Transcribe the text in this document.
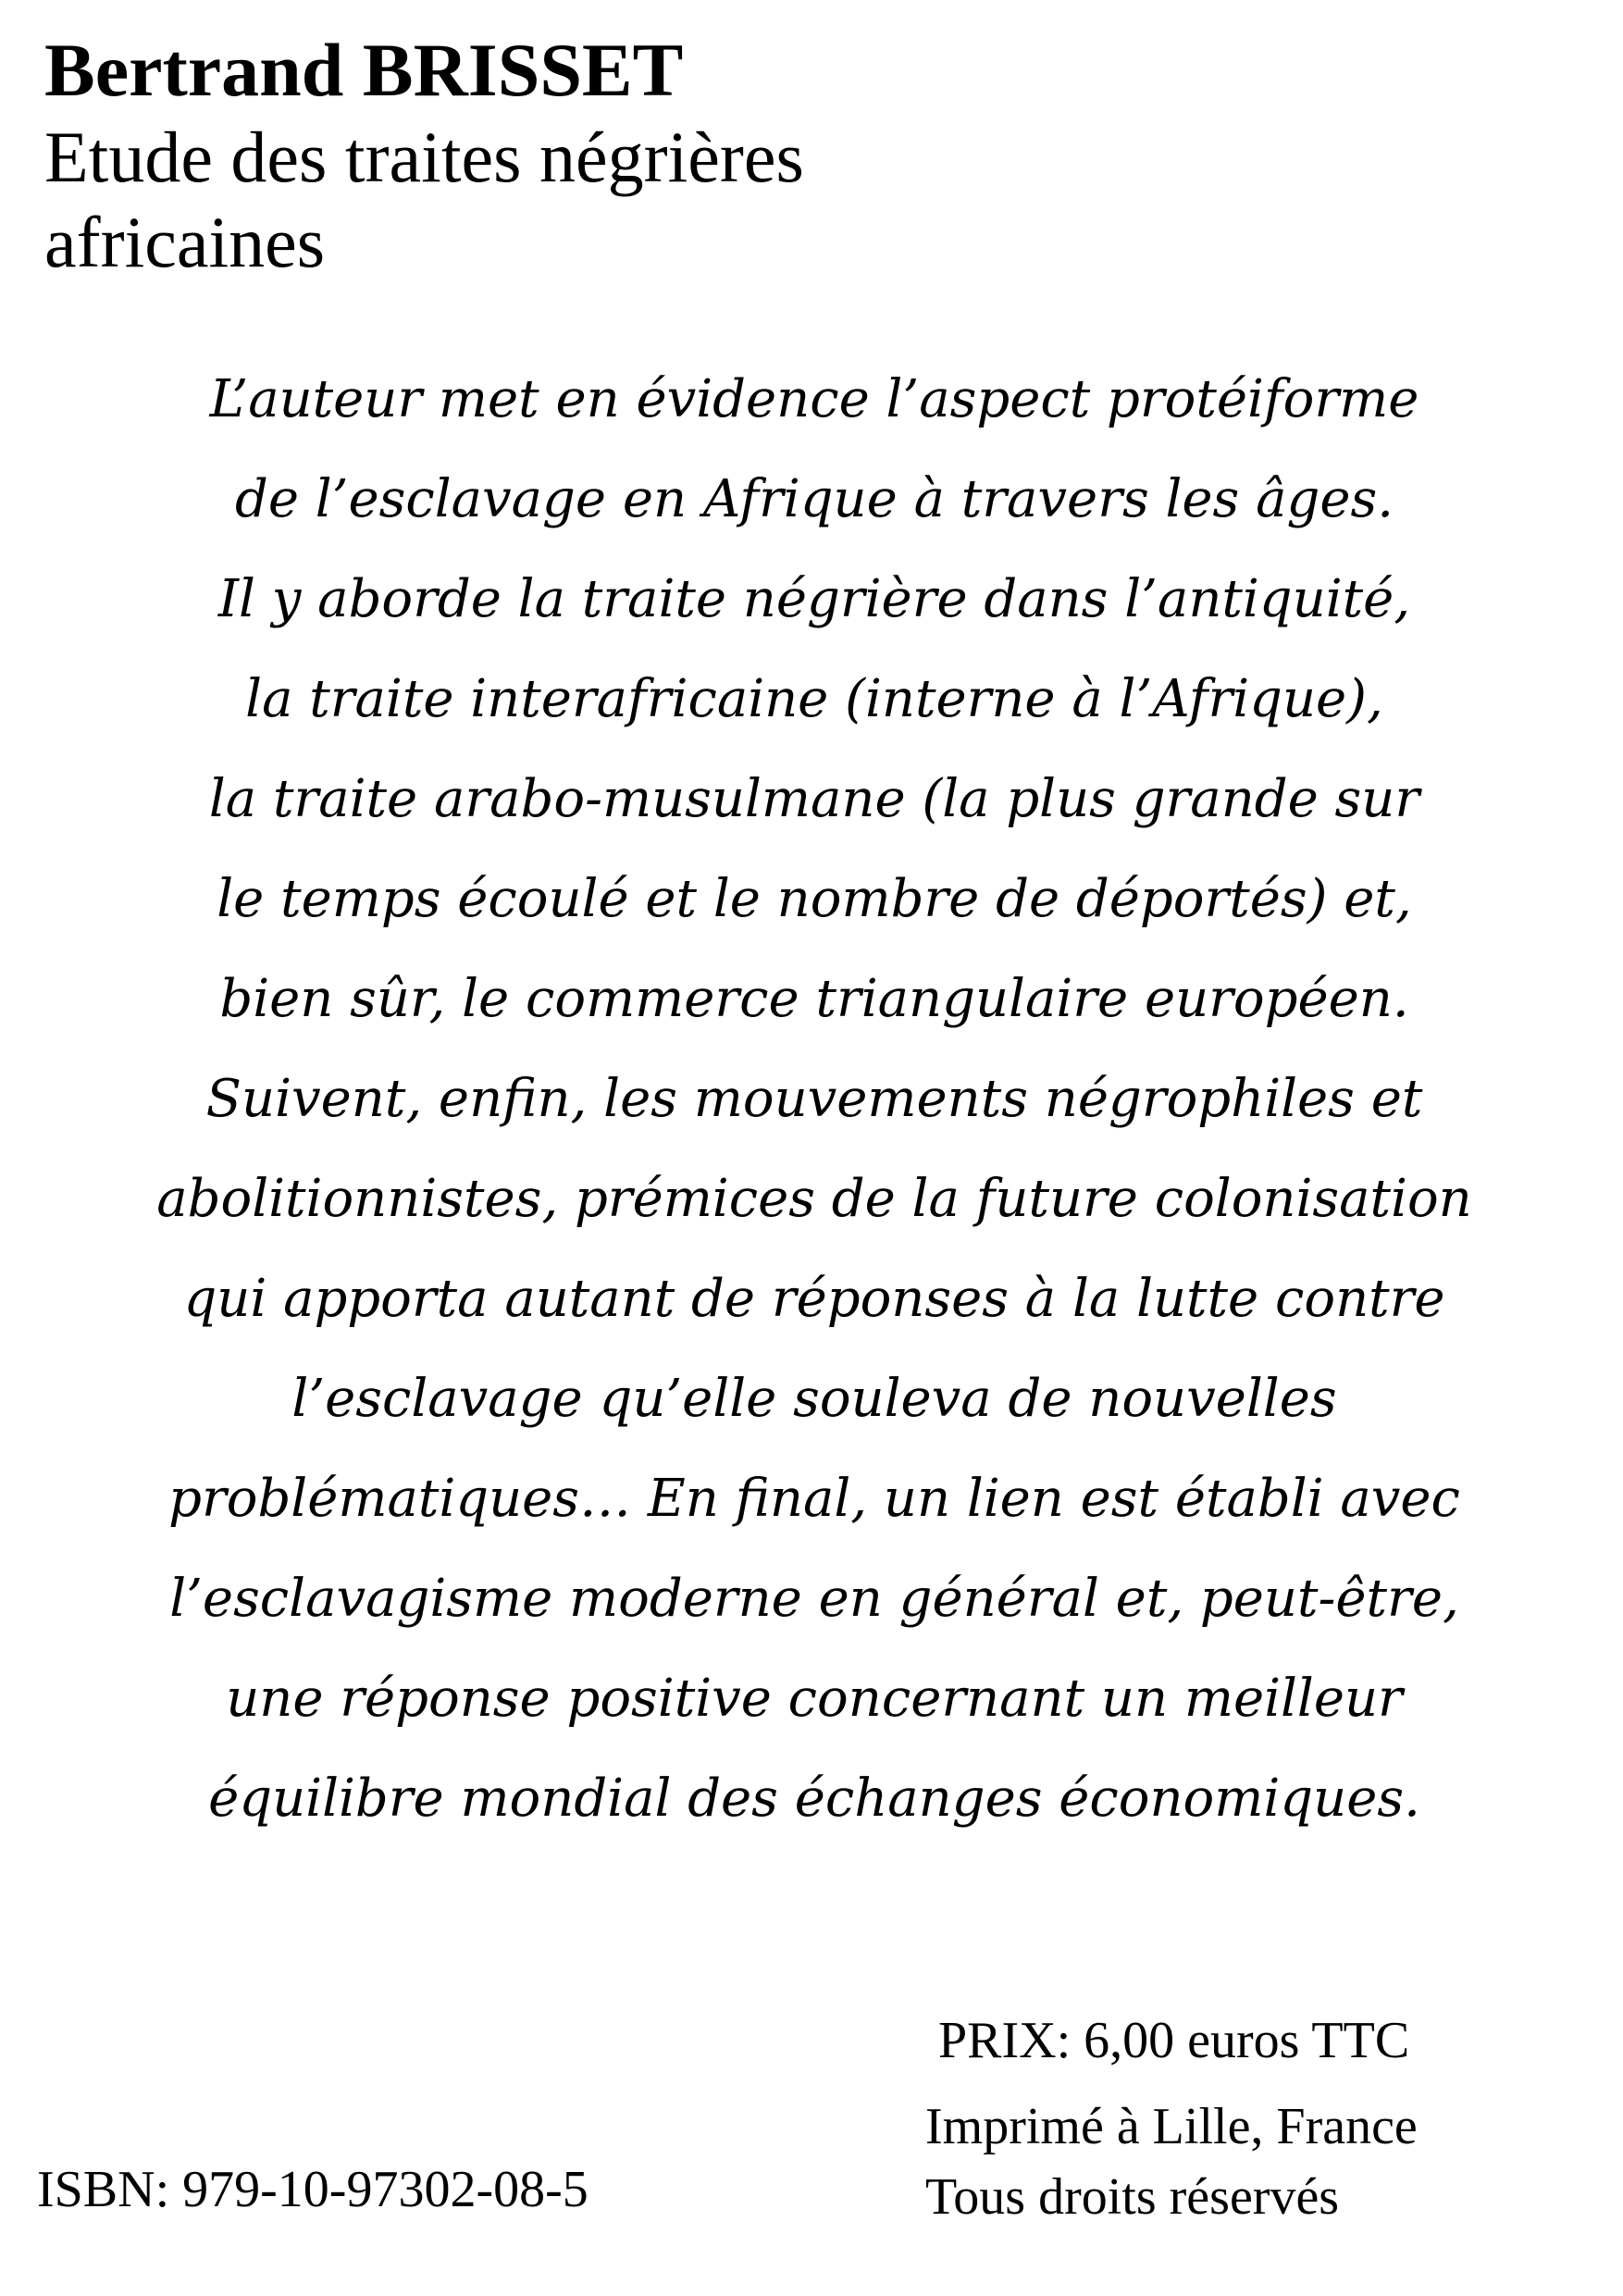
Bertrand BRISSET

Etude des traites négrières

africaines

L’auteur met en évidence l’aspect protéiforme
de l’esclavage en Afrique à travers les âges.
Il y aborde la traite négrière dans l’antiquité,
la traite interafricaine (interne à l’Afrique),
la traite arabo-musulmane (la plus grande sur
le temps écoulé et le nombre de déportés) et,
bien sûr, le commerce triangulaire européen.
Suivent, enfin, les mouvements négrophiles et
abolitionnistes, prémices de la future colonisation
qui apporta autant de réponses à la lutte contre
l’esclavage qu’elle souleva de nouvelles
problématiques… En final, un lien est établi avec
l’esclavagisme moderne en général et, peut-être,
une réponse positive concernant un meilleur
équilibre mondial des échanges économiques.
PRIX: 6,00 euros TTC
Imprimé à Lille, France
Tous droits réservés
ISBN: 979-10-97302-08-5
